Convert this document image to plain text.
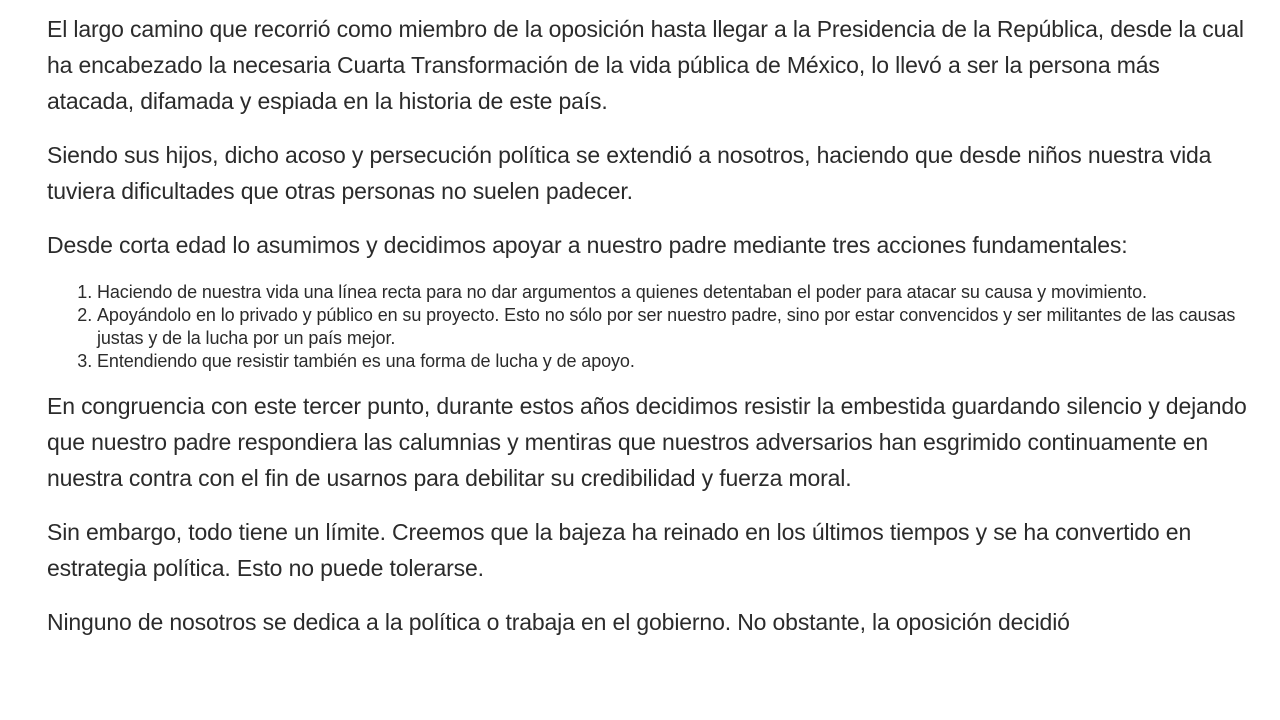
El largo camino que recorrió como miembro de la oposición hasta llegar a la Presidencia de la República, desde la cual ha encabezado la necesaria Cuarta Transformación de la vida pública de México, lo llevó a ser la persona más atacada, difamada y espiada en la historia de este país.

Siendo sus hijos, dicho acoso y persecución política se extendió a nosotros, haciendo que desde niños nuestra vida tuviera dificultades que otras personas no suelen padecer.

Desde corta edad lo asumimos y decidimos apoyar a nuestro padre mediante tres acciones fundamentales:

1. Haciendo de nuestra vida una línea recta para no dar argumentos a quienes detentaban el poder para atacar su causa y movimiento.
2. Apoyándolo en lo privado y público en su proyecto. Esto no sólo por ser nuestro padre, sino por estar convencidos y ser militantes de las causas justas y de la lucha por un país mejor.
3. Entendiendo que resistir también es una forma de lucha y de apoyo.

En congruencia con este tercer punto, durante estos años decidimos resistir la embestida guardando silencio y dejando que nuestro padre respondiera las calumnias y mentiras que nuestros adversarios han esgrimido continuamente en nuestra contra con el fin de usarnos para debilitar su credibilidad y fuerza moral.

Sin embargo, todo tiene un límite. Creemos que la bajeza ha reinado en los últimos tiempos y se ha convertido en estrategia política. Esto no puede tolerarse.

Ninguno de nosotros se dedica a la política o trabaja en el gobierno. No obstante, la oposición decidió
